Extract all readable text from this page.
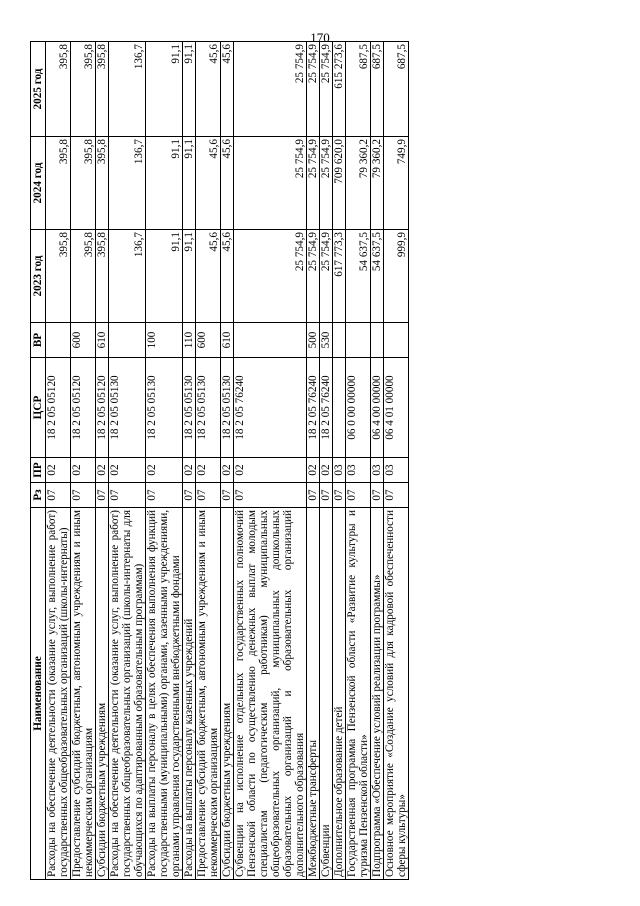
170
Наименование	Рз	ПР	ЦСР	ВР	2023 год	2024 год	2025 год
Расходы на обеспечение деятельности (оказание услуг, выполнение работ) государственных общеобразовательных организаций (школы-интернаты)	07	02	18 2 05 05120		395,8	395,8	395,8
Предоставление субсидий бюджетным, автономным учреждениям и иным некоммерческим организациям	07	02	18 2 05 05120	600	395,8	395,8	395,8
Субсидии бюджетным учреждениям	07	02	18 2 05 05120	610	395,8	395,8	395,8
Расходы на обеспечение деятельности (оказание услуг, выполнение работ) государственных общеобразовательных организаций (школы-интернаты для обучающихся по адаптированным образовательным программам)	07	02	18 2 05 05130		136,7	136,7	136,7
Расходы на выплаты персоналу в целях обеспечения выполнения функций государственными (муниципальными) органами, казенными учреждениями, органами управления государственными внебюджетными фондами	07	02	18 2 05 05130	100	91,1	91,1	91,1
Расходы на выплаты персоналу казенных учреждений	07	02	18 2 05 05130	110	91,1	91,1	91,1
Предоставление субсидий бюджетным, автономным учреждениям и иным некоммерческим организациям	07	02	18 2 05 05130	600	45,6	45,6	45,6
Субсидии бюджетным учреждениям	07	02	18 2 05 05130	610	45,6	45,6	45,6
Субвенции на исполнение отдельных государственных полномочий Пензенской области по осуществлению денежных выплат молодым специалистам (педагогическим работникам) муниципальных общеобразовательных организаций, муниципальных дошкольных образовательных организаций и образовательных организаций дополнительного образования	07	02	18 2 05 76240		25 754,9	25 754,9	25 754,9
Межбюджетные трансферты	07	02	18 2 05 76240	500	25 754,9	25 754,9	25 754,9
Субвенции	07	02	18 2 05 76240	530	25 754,9	25 754,9	25 754,9
Дополнительное образование детей	07	03			617 773,3	709 620,0	615 273,6
Государственная программа Пензенской области «Развитие культуры и туризма Пензенской области»	07	03	06 0 00 00000		54 637,5	79 360,2	687,5
Подпрограмма «Обеспечение условий реализации программы»	07	03	06 4 00 00000		54 637,5	79 360,2	687,5
Основное мероприятие «Создание условий для кадровой обеспеченности сферы культуры»	07	03	06 4 01 00000		999,9	749,9	687,5
